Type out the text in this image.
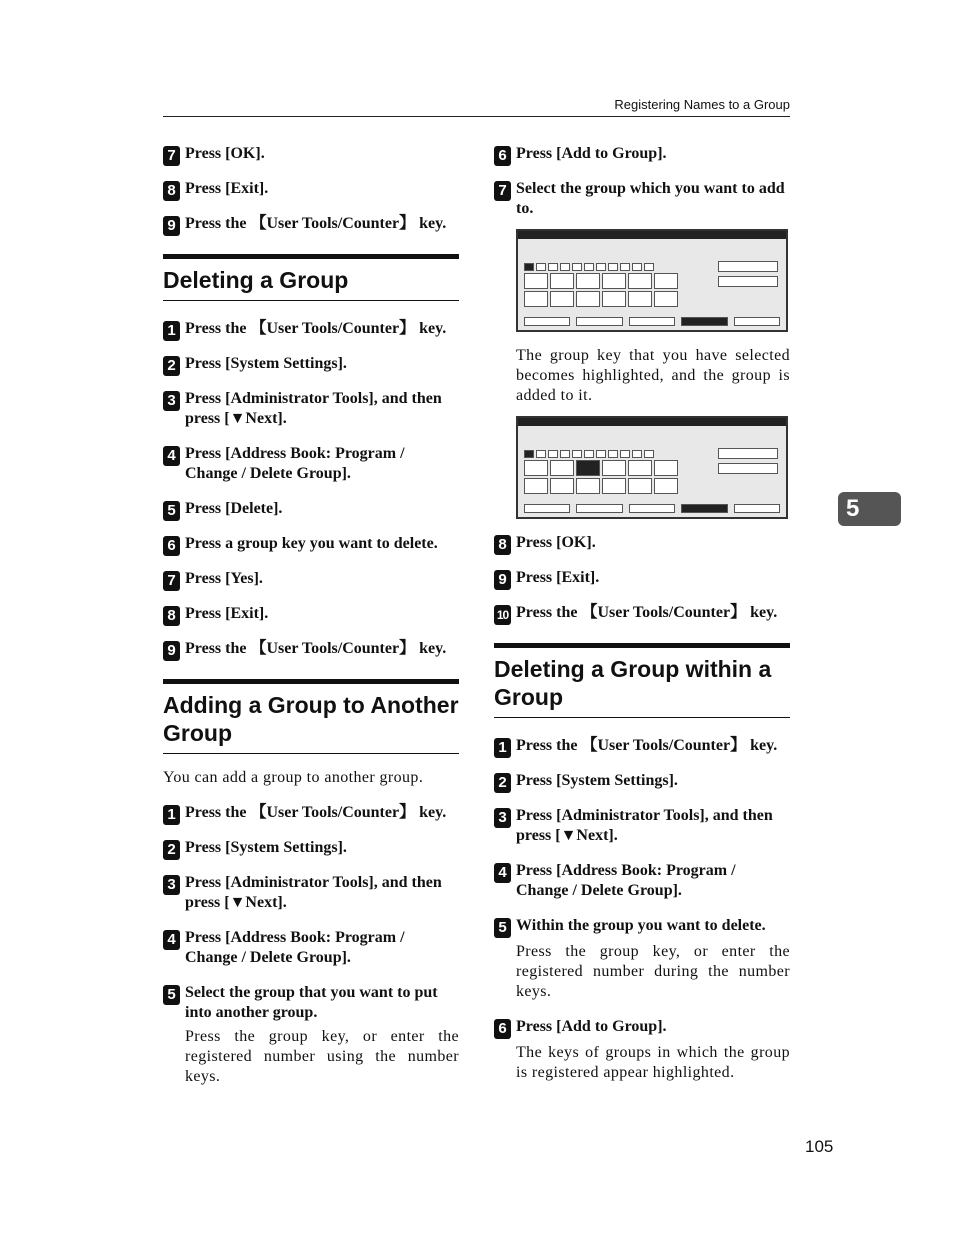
Registering Names to a Group
7 Press [OK].
8 Press [Exit].
9 Press the 【User Tools/Counter】 key.
Deleting a Group
1 Press the 【User Tools/Counter】 key.
2 Press [System Settings].
3 Press [Administrator Tools], and then press [▼Next].
4 Press [Address Book: Program / Change / Delete Group].
5 Press [Delete].
6 Press a group key you want to delete.
7 Press [Yes].
8 Press [Exit].
9 Press the 【User Tools/Counter】 key.
Adding a Group to Another Group
You can add a group to another group.
1 Press the 【User Tools/Counter】 key.
2 Press [System Settings].
3 Press [Administrator Tools], and then press [▼Next].
4 Press [Address Book: Program / Change / Delete Group].
5 Select the group that you want to put into another group.
Press the group key, or enter the registered number using the number keys.
6 Press [Add to Group].
7 Select the group which you want to add to.
The group key that you have selected becomes highlighted, and the group is added to it.
8 Press [OK].
9 Press [Exit].
10 Press the 【User Tools/Counter】 key.
Deleting a Group within a Group
1 Press the 【User Tools/Counter】 key.
2 Press [System Settings].
3 Press [Administrator Tools], and then press [▼Next].
4 Press [Address Book: Program / Change / Delete Group].
5 Within the group you want to delete.
Press the group key, or enter the registered number during the number keys.
6 Press [Add to Group].
The keys of groups in which the group is registered appear highlighted.
5
105
